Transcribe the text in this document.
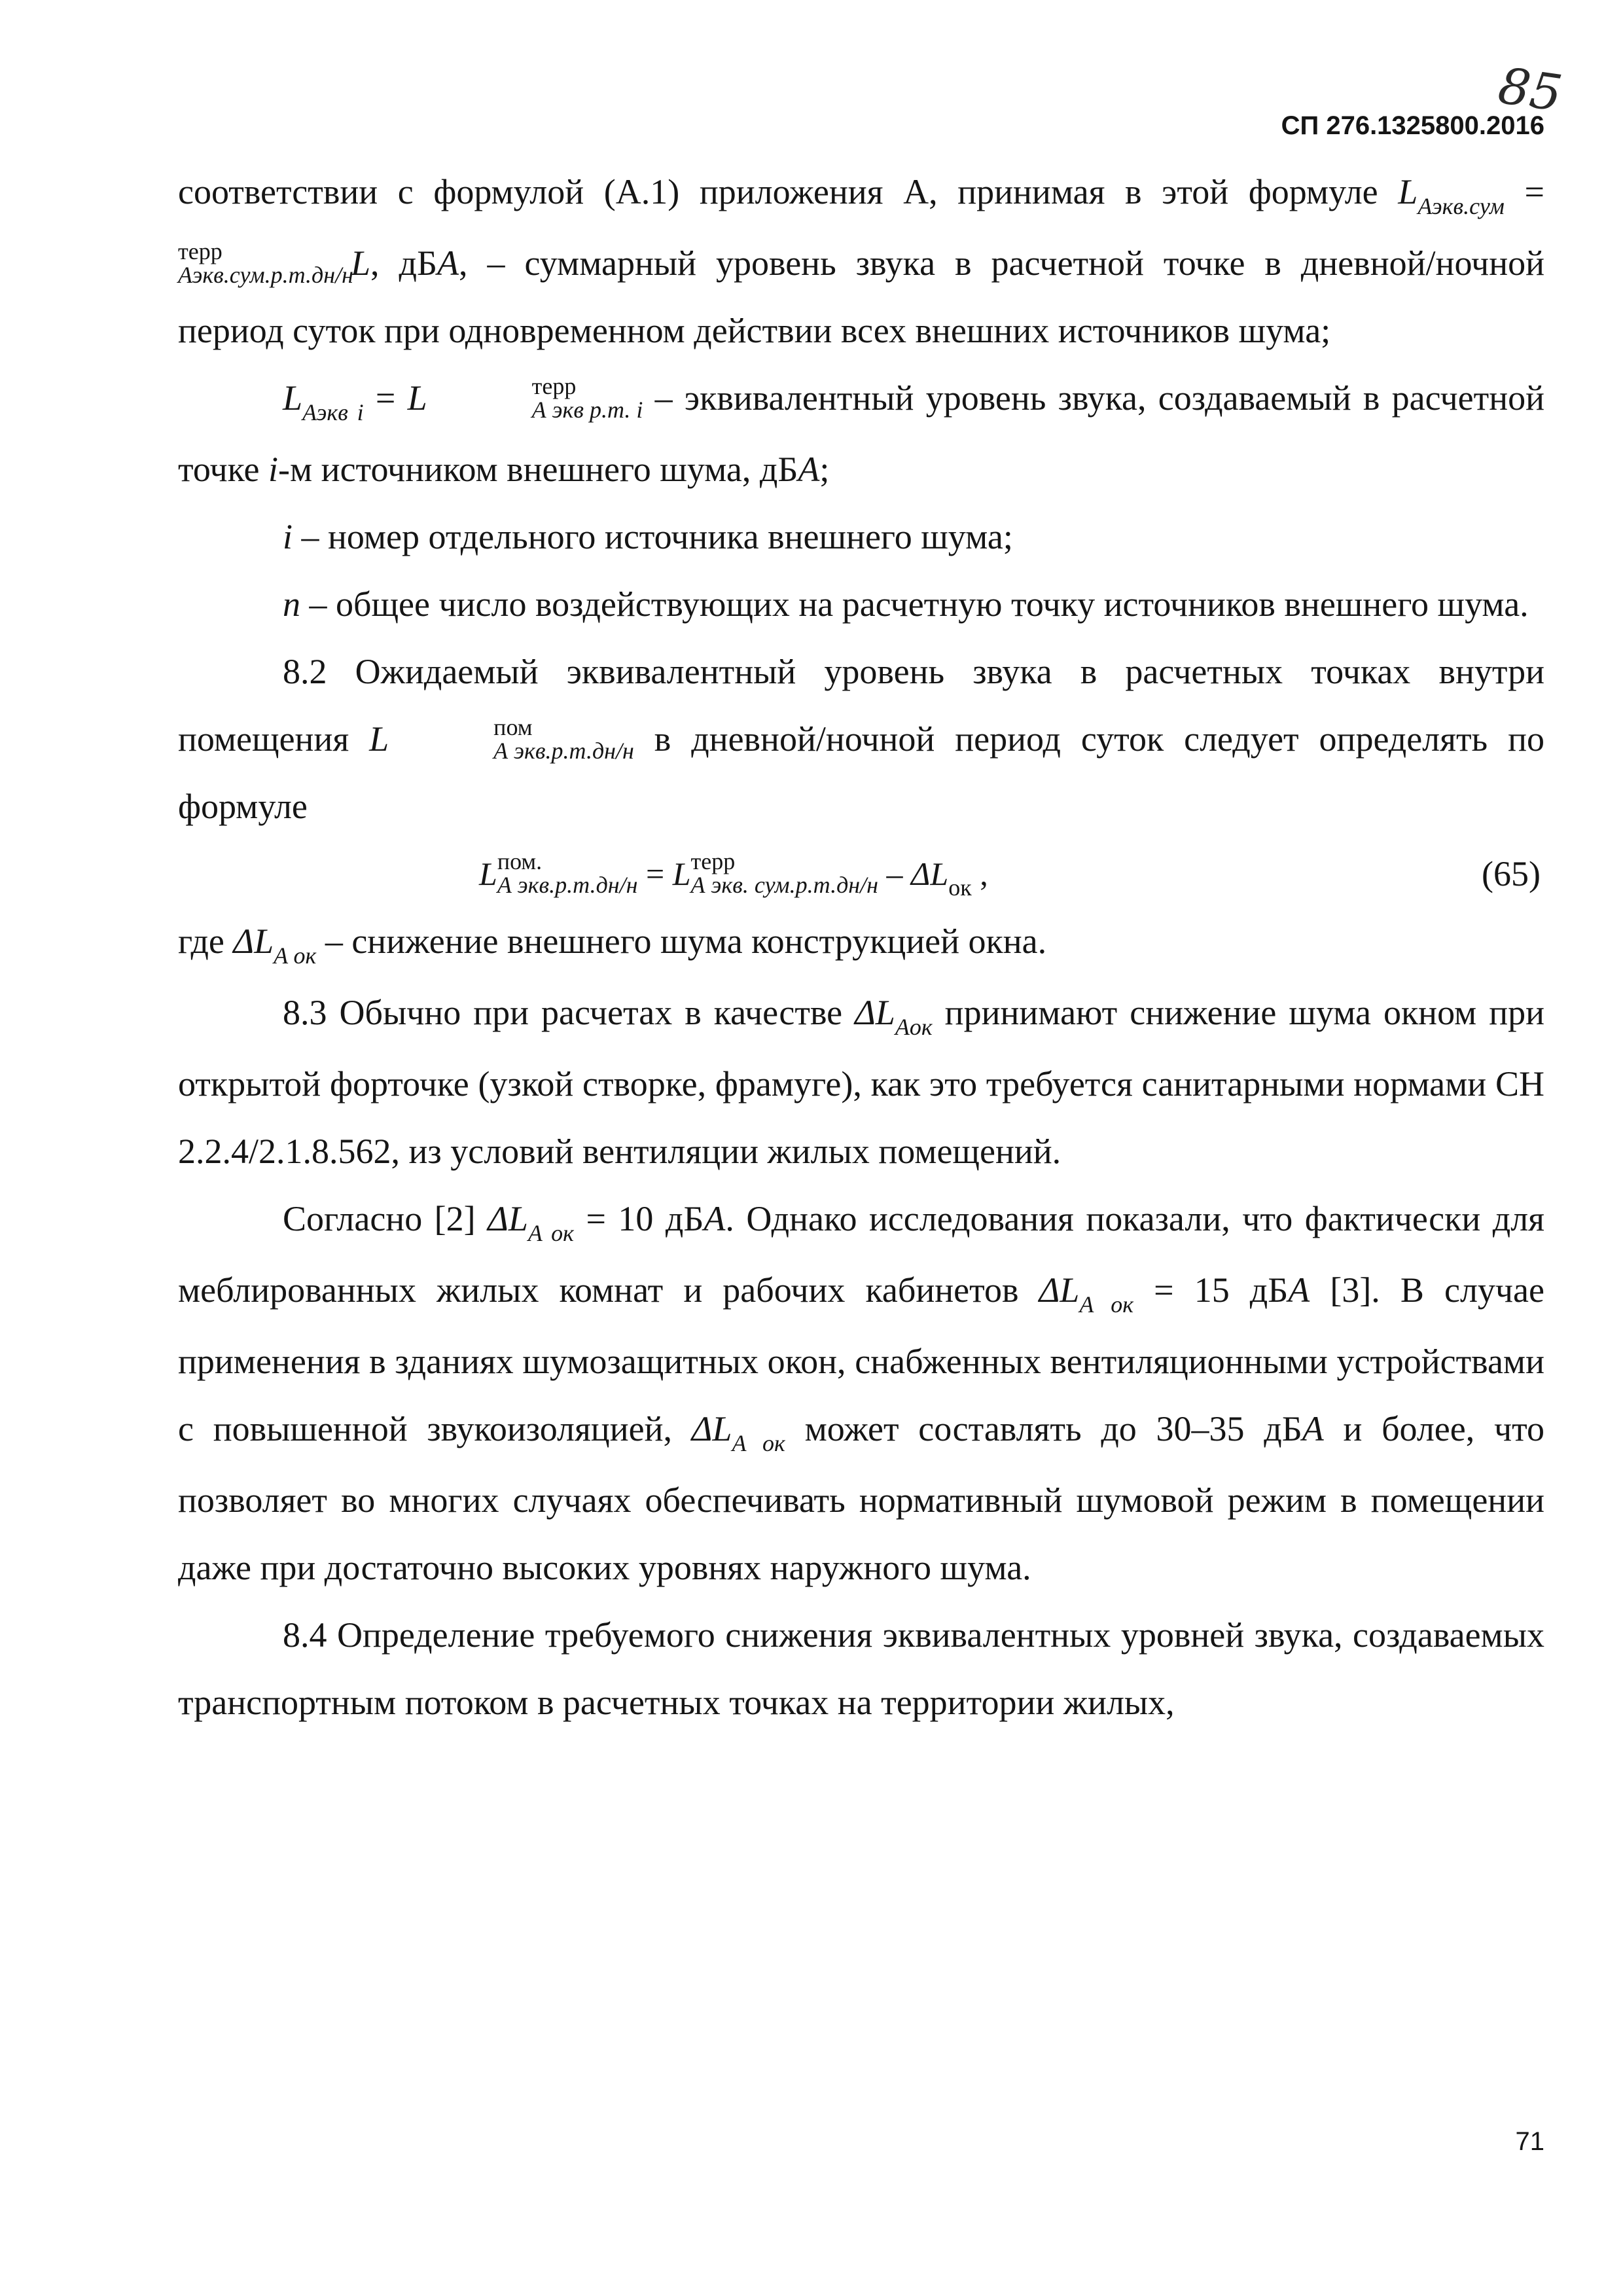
85
СП 276.1325800.2016

соответствии с формулой (А.1) приложения А, принимая в этой формуле $L_{Аэкв.сум}$ =
терр
Аэкв.сум.р.т.дн/н
L, дБA, – суммарный уровень звука в расчетной точке в дневной/ночной период суток при одновременном действии всех внешних источников шума;

$L_{Аэкв i} = L$	терр
А экв р.т. i – эквивалентный уровень звука, создаваемый в расчетной точке i-м источником внешнего шума, дБA;

i – номер отдельного источника внешнего шума;

n – общее число воздействующих на расчетную точку источников внешнего шума.

8.2 Ожидаемый эквивалентный уровень звука в расчетных точках внутри помещения L	пом
А экв.р.т.дн/н в дневной/ночной период суток следует определять по формуле

L пом.
А экв.р.т.дн/н = L терр
А экв. $сум.р.т.дн/н - \Delta L_{ок}$ ,	(65)

где $\Delta L_{A ок}$ – снижение внешнего шума конструкцией окна.

8.3 Обычно при расчетах в качестве $\Delta L_{Aок}$ принимают снижение шума окном при открытой форточке (узкой створке, фрамуге), как это требуется санитарными нормами СН 2.2.4/2.1.8.562, из условий вентиляции жилых помещений.

Согласно [2] $\Delta L_{A ок} = 10$ дБA. Однако исследования показали, что фактически для меблированных жилых комнат и рабочих кабинетов $\Delta L_{A ок} = 15$ дБA [3]. В случае применения в зданиях шумозащитных окон, снабженных вентиляционными устройствами с повышенной звукоизоляцией, $\Delta L_{A ок}$ может составлять до 30–35 дБA и более, что позволяет во многих случаях обеспечивать нормативный шумовой режим в помещении даже при достаточно высоких уровнях наружного шума.

8.4 Определение требуемого снижения эквивалентных уровней звука, создаваемых транспортным потоком в расчетных точках на территории жилых,

71
